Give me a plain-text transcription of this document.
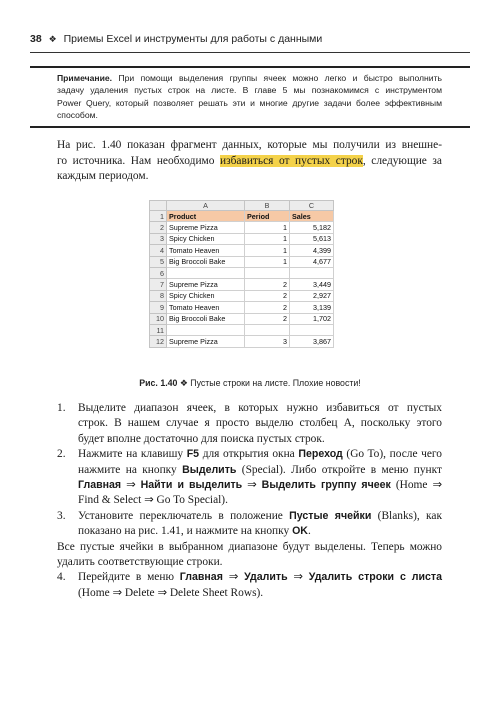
38 ❖ Приемы Excel и инструменты для работы с данными
Примечание. При помощи выделения группы ячеек можно легко и быстро выполнить
задачу удаления пустых строк на листе. В главе 5 мы познакомимся с инструментом
Power Query, который позволяет решать эти и многие другие задачи более эффективным
способом.
На рис. 1.40 показан фрагмент данных, которые мы получили из внешне-
го источника. Нам необходимо избавиться от пустых строк, следующие за
каждым периодом.
	A	B	C
1	Product	Period	Sales
2	Supreme Pizza	1	5,182
3	Spicy Chicken	1	5,613
4	Tomato Heaven	1	4,399
5	Big Broccoli Bake	1	4,677
6			
7	Supreme Pizza	2	3,449
8	Spicy Chicken	2	2,927
9	Tomato Heaven	2	3,139
10	Big Broccoli Bake	2	1,702
11			
12	Supreme Pizza	3	3,867
Рис. 1.40 ❖ Пустые строки на листе. Плохие новости!
1. Выделите диапазон ячеек, в которых нужно избавиться от пустых
строк. В нашем случае я просто выделю столбец А, поскольку этого
будет вполне достаточно для поиска пустых строк.
2. Нажмите на клавишу F5 для открытия окна Переход (Go To), после чего
нажмите на кнопку Выделить (Special). Либо откройте в меню пункт
Главная ⇒ Найти и выделить ⇒ Выделить группу ячеек (Home ⇒
Find & Select ⇒ Go To Special).
3. Установите переключатель в положение Пустые ячейки (Blanks), как
показано на рис. 1.41, и нажмите на кнопку OK.
Все пустые ячейки в выбранном диапазоне будут выделены. Теперь можно
удалить соответствующие строки.
4. Перейдите в меню Главная ⇒ Удалить ⇒ Удалить строки с листа
(Home ⇒ Delete ⇒ Delete Sheet Rows).
